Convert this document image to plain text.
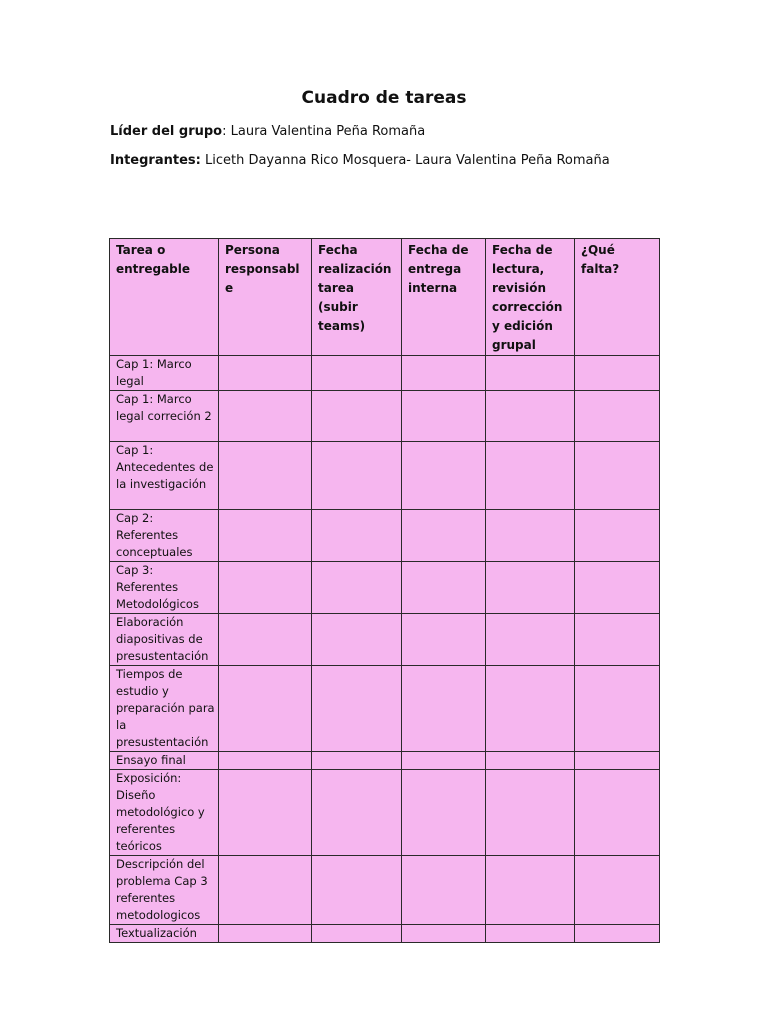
Cuadro de tareas
Líder del grupo: Laura Valentina Peña Romaña
Integrantes: Liceth Dayanna Rico Mosquera- Laura Valentina Peña Romaña
Tarea o entregable	Persona responsable	Fecha realización tarea (subir teams)	Fecha de entrega interna	Fecha de lectura, revisión corrección y edición grupal	¿Qué falta?
Cap 1: Marco legal					
Cap 1: Marco legal correción 2					
Cap 1: Antecedentes de la investigación					
Cap 2: Referentes conceptuales					
Cap 3: Referentes Metodológicos					
Elaboración diapositivas de presustentación					
Tiempos de estudio y preparación para la presustentación					
Ensayo final					
Exposición: Diseño metodológico y referentes teóricos					
Descripción del problema Cap 3 referentes metodologicos					
Textualización					
